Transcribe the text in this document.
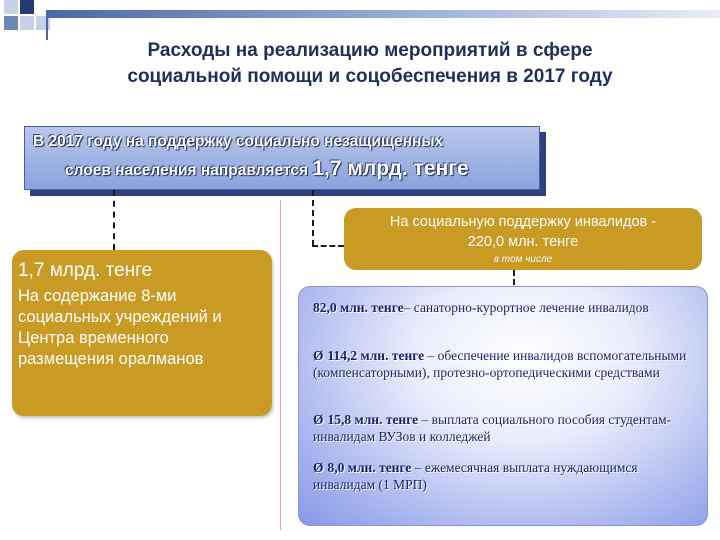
Расходы на реализацию мероприятий в сфере
социальной помощи и соцобеспечения в 2017 году
В 2017 году на поддержку социально незащищенных
слоев населения направляется 1,7 млрд. тенге
1,7 млрд. тенге
На содержание 8-ми социальных учреждений и Центра временного размещения оралманов
На социальную поддержку инвалидов -
220,0 млн. тенге
в том числе
82,0 млн. тенге– санаторно-курортное лечение инвалидов
Ø 114,2 млн. тенге – обеспечение инвалидов вспомогательными (компенсаторными), протезно-ортопедическими средствами
Ø 15,8 млн. тенге – выплата социального пособия студентам-инвалидам ВУЗов и колледжей
Ø 8,0 млн. тенге – ежемесячная выплата нуждающимся инвалидам (1 МРП)
